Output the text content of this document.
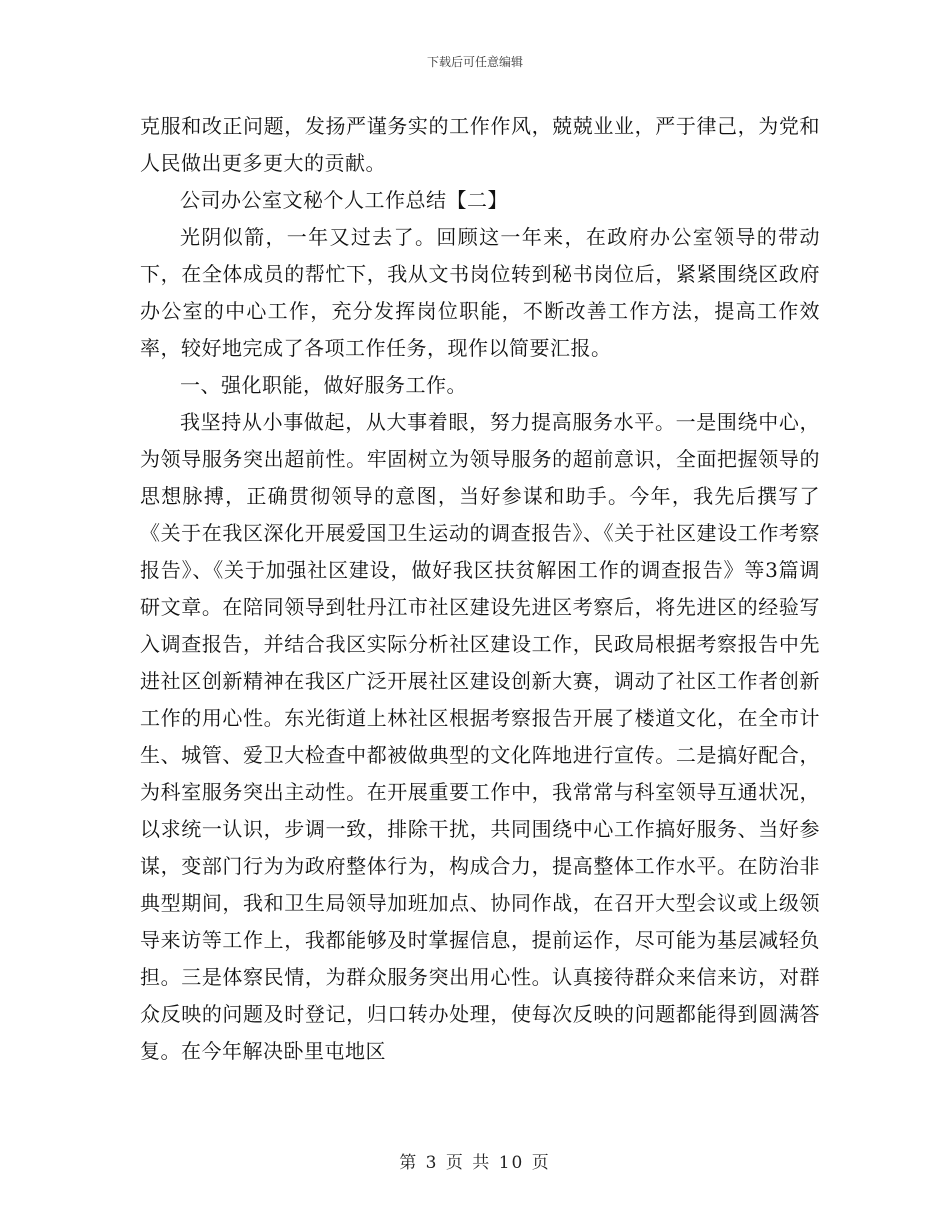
下载后可任意编辑

克服和改正问题，发扬严谨务实的工作作风，兢兢业业，严于律己，为党和人民做出更多更大的贡献。

公司办公室文秘个人工作总结【二】

光阴似箭，一年又过去了。回顾这一年来，在政府办公室领导的带动下，在全体成员的帮忙下，我从文书岗位转到秘书岗位后，紧紧围绕区政府办公室的中心工作，充分发挥岗位职能，不断改善工作方法，提高工作效率，较好地完成了各项工作任务，现作以简要汇报。

一、强化职能，做好服务工作。

我坚持从小事做起，从大事着眼，努力提高服务水平。一是围绕中心，为领导服务突出超前性。牢固树立为领导服务的超前意识，全面把握领导的思想脉搏，正确贯彻领导的意图，当好参谋和助手。今年，我先后撰写了《关于在我区深化开展爱国卫生运动的调查报告》、《关于社区建设工作考察报告》、《关于加强社区建设，做好我区扶贫解困工作的调查报告》等3篇调研文章。在陪同领导到牡丹江市社区建设先进区考察后，将先进区的经验写入调查报告，并结合我区实际分析社区建设工作，民政局根据考察报告中先进社区创新精神在我区广泛开展社区建设创新大赛，调动了社区工作者创新工作的用心性。东光街道上林社区根据考察报告开展了楼道文化，在全市计生、城管、爱卫大检查中都被做典型的文化阵地进行宣传。二是搞好配合，为科室服务突出主动性。在开展重要工作中，我常常与科室领导互通状况，以求统一认识，步调一致，排除干扰，共同围绕中心工作搞好服务、当好参谋，变部门行为为政府整体行为，构成合力，提高整体工作水平。在防治非典型期间，我和卫生局领导加班加点、协同作战，在召开大型会议或上级领导来访等工作上，我都能够及时掌握信息，提前运作，尽可能为基层减轻负担。三是体察民情，为群众服务突出用心性。认真接待群众来信来访，对群众反映的问题及时登记，归口转办处理，使每次反映的问题都能得到圆满答复。在今年解决卧里屯地区

第 3 页 共 10 页
